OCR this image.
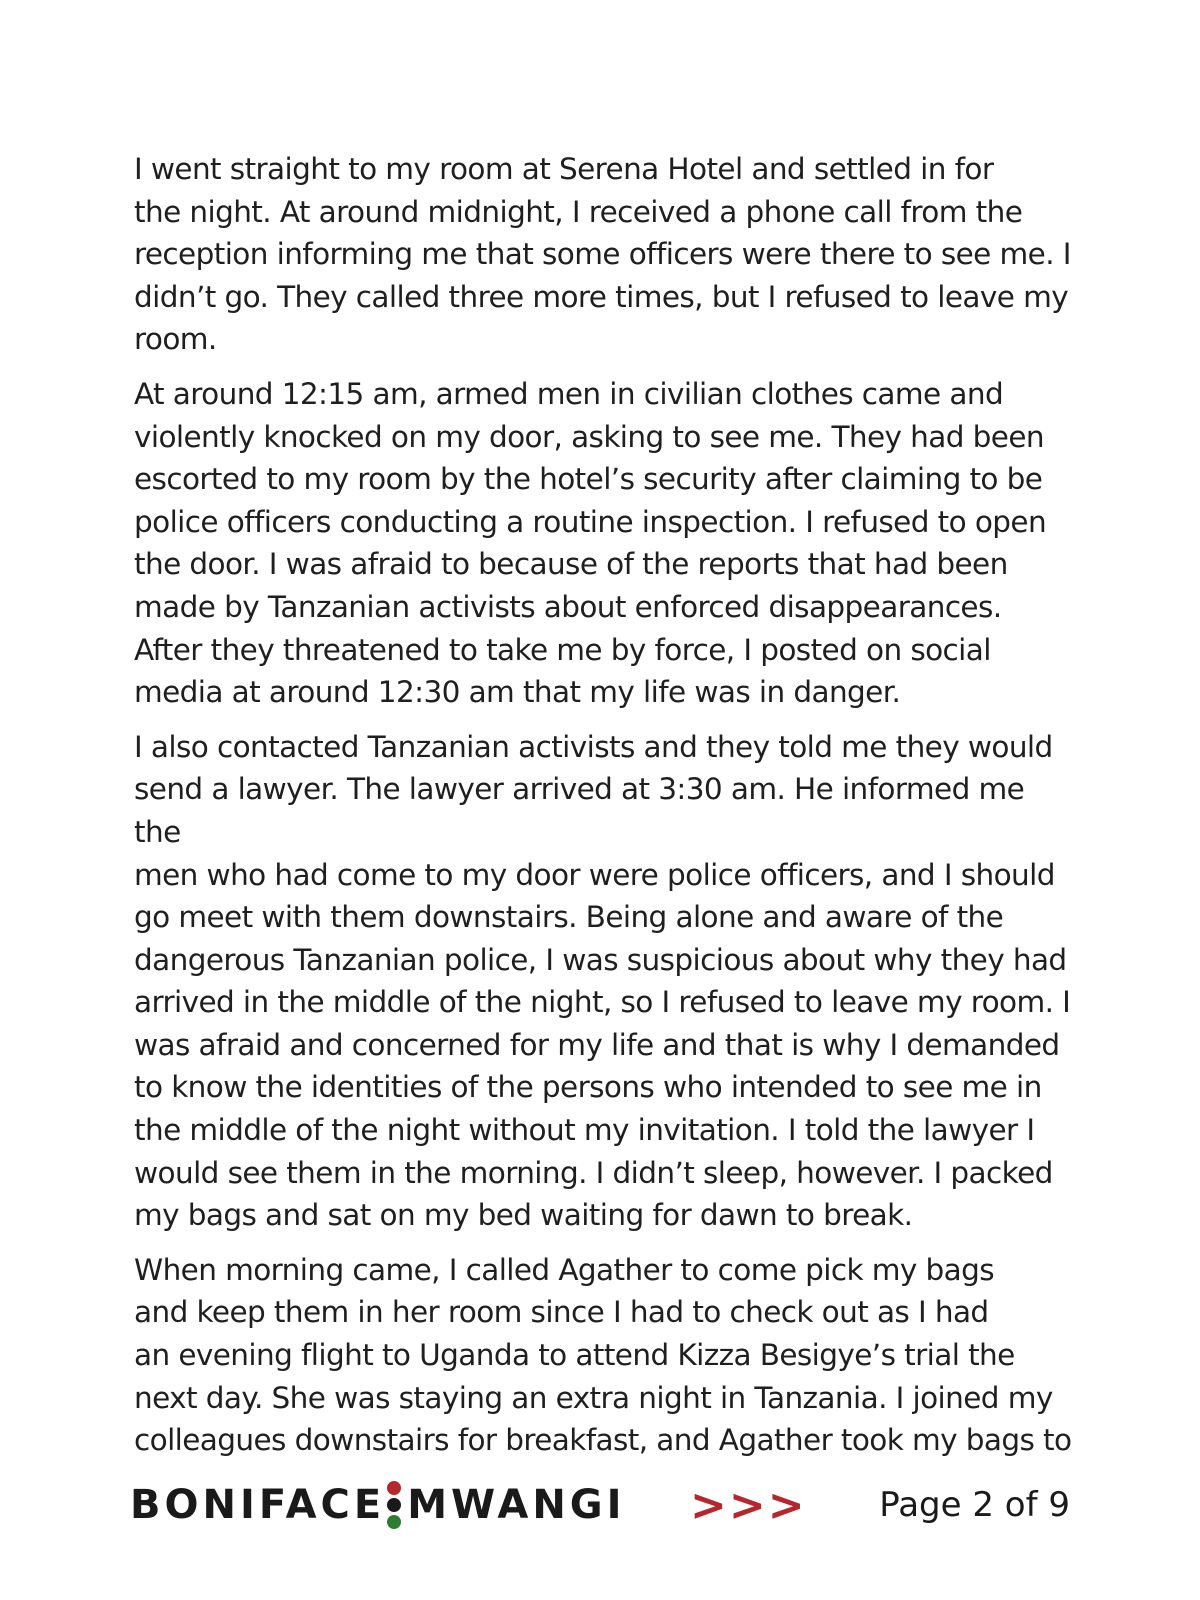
I went straight to my room at Serena Hotel and settled in for
the night. At around midnight, I received a phone call from the
reception informing me that some officers were there to see me. I
didn’t go. They called three more times, but I refused to leave my
room.

At around 12:15 am, armed men in civilian clothes came and
violently knocked on my door, asking to see me. They had been
escorted to my room by the hotel’s security after claiming to be
police officers conducting a routine inspection. I refused to open
the door. I was afraid to because of the reports that had been
made by Tanzanian activists about enforced disappearances.
After they threatened to take me by force, I posted on social
media at around 12:30 am that my life was in danger.

I also contacted Tanzanian activists and they told me they would
send a lawyer. The lawyer arrived at 3:30 am. He informed me the
men who had come to my door were police officers, and I should
go meet with them downstairs. Being alone and aware of the
dangerous Tanzanian police, I was suspicious about why they had
arrived in the middle of the night, so I refused to leave my room. I
was afraid and concerned for my life and that is why I demanded
to know the identities of the persons who intended to see me in
the middle of the night without my invitation. I told the lawyer I
would see them in the morning. I didn’t sleep, however. I packed
my bags and sat on my bed waiting for dawn to break.

When morning came, I called Agather to come pick my bags
and keep them in her room since I had to check out as I had
an evening flight to Uganda to attend Kizza Besigye’s trial the
next day. She was staying an extra night in Tanzania. I joined my
colleagues downstairs for breakfast, and Agather took my bags to

BONIFACE MWANGI >>> Page 2 of 9
